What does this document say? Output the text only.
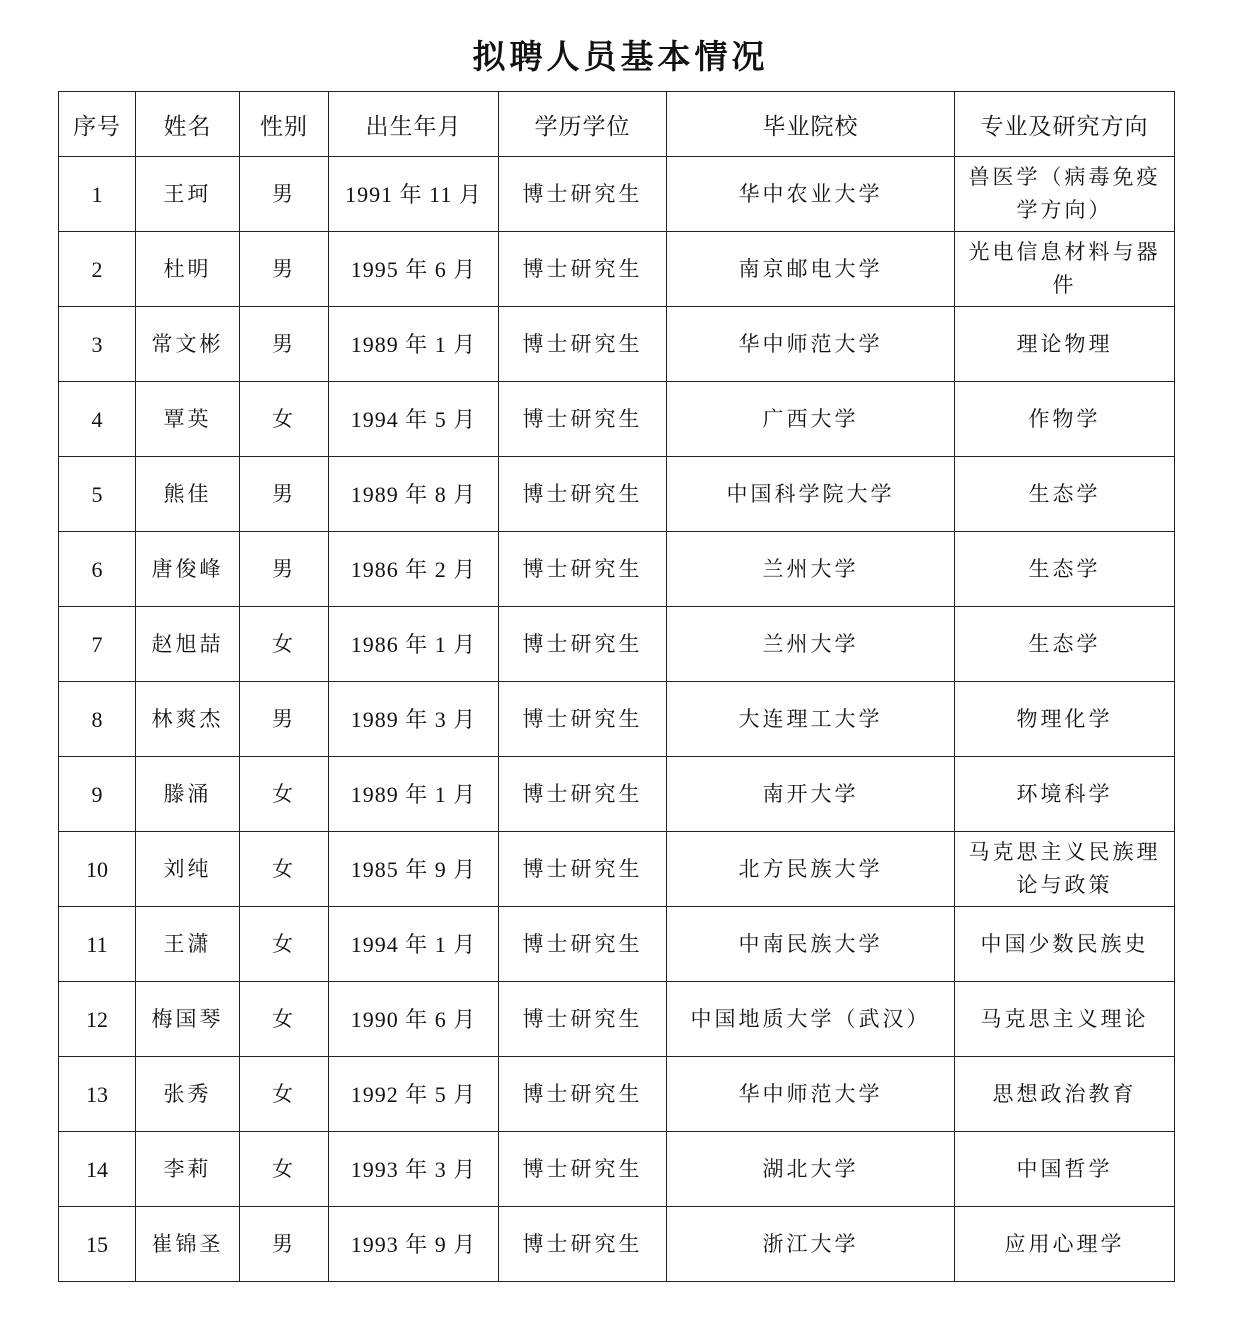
拟聘人员基本情况
序号	姓名	性别	出生年月	学历学位	毕业院校	专业及研究方向
1	王珂	男	1991 年 11 月	博士研究生	华中农业大学	兽医学（病毒免疫学方向）
2	杜明	男	1995 年 6 月	博士研究生	南京邮电大学	光电信息材料与器件
3	常文彬	男	1989 年 1 月	博士研究生	华中师范大学	理论物理
4	覃英	女	1994 年 5 月	博士研究生	广西大学	作物学
5	熊佳	男	1989 年 8 月	博士研究生	中国科学院大学	生态学
6	唐俊峰	男	1986 年 2 月	博士研究生	兰州大学	生态学
7	赵旭喆	女	1986 年 1 月	博士研究生	兰州大学	生态学
8	林爽杰	男	1989 年 3 月	博士研究生	大连理工大学	物理化学
9	滕涌	女	1989 年 1 月	博士研究生	南开大学	环境科学
10	刘纯	女	1985 年 9 月	博士研究生	北方民族大学	马克思主义民族理论与政策
11	王潇	女	1994 年 1 月	博士研究生	中南民族大学	中国少数民族史
12	梅国琴	女	1990 年 6 月	博士研究生	中国地质大学（武汉）	马克思主义理论
13	张秀	女	1992 年 5 月	博士研究生	华中师范大学	思想政治教育
14	李莉	女	1993 年 3 月	博士研究生	湖北大学	中国哲学
15	崔锦圣	男	1993 年 9 月	博士研究生	浙江大学	应用心理学
